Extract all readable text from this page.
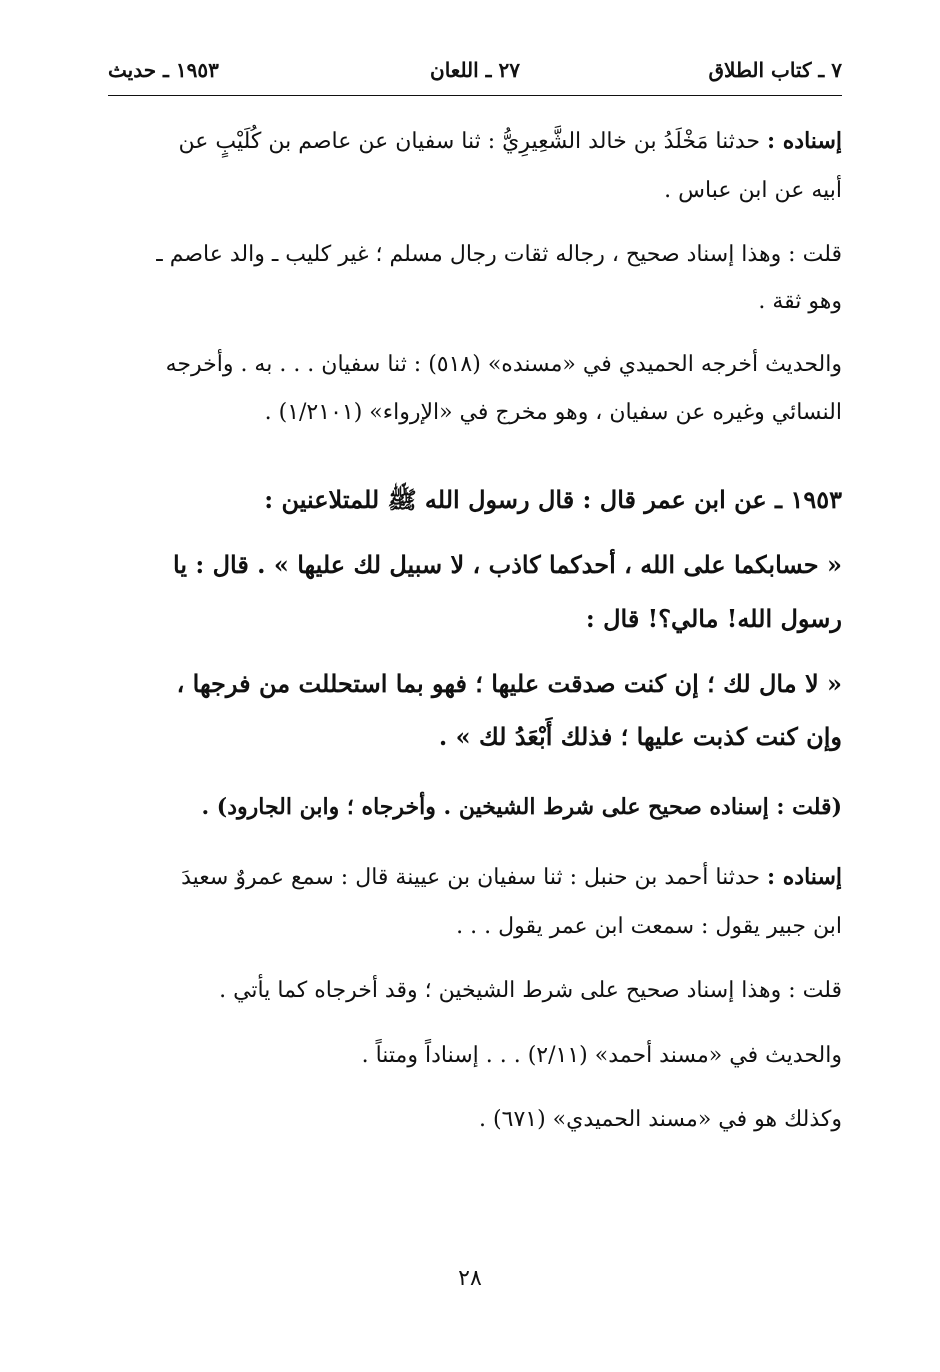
٧ ـ كتاب الطلاق
٢٧ ـ اللعان
١٩٥٣ ـ حديث
إسناده : حدثنا مَخْلَدُ بن خالد الشَّعِيرِيُّ : ثنا سفيان عن عاصم بن كُلَيْبٍ عن
أبيه عن ابن عباس .
قلت : وهذا إسناد صحيح ، رجاله ثقات رجال مسلم ؛ غير كليب ـ والد عاصم ـ
وهو ثقة .
والحديث أخرجه الحميدي في «مسنده» (٥١٨) : ثنا سفيان . . . به . وأخرجه
النسائي وغيره عن سفيان ، وهو مخرج في «الإرواء» (١/٢١٠١) .
١٩٥٣ ـ عن ابن عمر قال : قال رسول الله ﷺ للمتلاعنين :
« حسابكما على الله ، أحدكما كاذب ، لا سبيل لك عليها » . قال : يا
رسول الله! مالي؟! قال :
« لا مال لك ؛ إن كنت صدقت عليها ؛ فهو بما استحللت من فرجها ،
وإن كنت كذبت عليها ؛ فذلك أَبْعَدُ لك » .
(قلت : إسناده صحيح على شرط الشيخين . وأخرجاه ؛ وابن الجارود) .
إسناده : حدثنا أحمد بن حنبل : ثنا سفيان بن عيينة قال : سمع عمروٌ سعيدَ
ابن جبير يقول : سمعت ابن عمر يقول . . .
قلت : وهذا إسناد صحيح على شرط الشيخين ؛ وقد أخرجاه كما يأتي .
والحديث في «مسند أحمد» (٢/١١) . . . إسناداً ومتناً .
وكذلك هو في «مسند الحميدي» (٦٧١) .
٢٨
